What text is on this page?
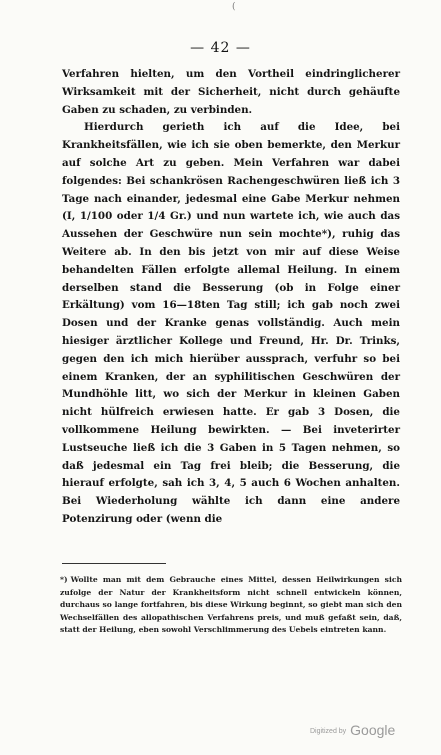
(
— 42 —

Verfahren hielten, um den Vortheil eindringlicherer Wirksamkeit mit der Sicherheit, nicht durch gehäufte Gaben zu schaden, zu verbinden.

Hierdurch gerieth ich auf die Idee, bei Krankheitsfällen, wie ich sie oben bemerkte, den Merkur auf solche Art zu geben. Mein Verfahren war dabei folgendes: Bei schankrösen Rachengeschwüren ließ ich 3 Tage nach einander, jedesmal eine Gabe Merkur nehmen (I, 1/100 oder 1/4 Gr.) und nun wartete ich, wie auch das Aussehen der Geschwüre nun sein mochte*), ruhig das Weitere ab. In den bis jetzt von mir auf diese Weise behandelten Fällen erfolgte allemal Heilung. In einem derselben stand die Besserung (ob in Folge einer Erkältung) vom 16—18ten Tag still; ich gab noch zwei Dosen und der Kranke genas vollständig. Auch mein hiesiger ärztlicher Kollege und Freund, Hr. Dr. Trinks, gegen den ich mich hierüber aussprach, verfuhr so bei einem Kranken, der an syphilitischen Geschwüren der Mundhöhle litt, wo sich der Merkur in kleinen Gaben nicht hülfreich erwiesen hatte. Er gab 3 Dosen, die vollkommene Heilung bewirkten. — Bei inveterirter Lustseuche ließ ich die 3 Gaben in 5 Tagen nehmen, so daß jedesmal ein Tag frei bleib; die Besserung, die hierauf erfolgte, sah ich 3, 4, 5 auch 6 Wochen anhalten. Bei Wiederholung wählte ich dann eine andere Potenzirung oder (wenn die

*) Wollte man mit dem Gebrauche eines Mittel, dessen Heilwirkungen sich zufolge der Natur der Krankheitsform nicht schnell entwickeln können, durchaus so lange fortfahren, bis diese Wirkung beginnt, so giebt man sich den Wechselfällen des allopathischen Verfahrens preis, und muß gefaßt sein, daß, statt der Heilung, eben sowohl Verschlimmerung des Uebels eintreten kann.
Digitized by Google
